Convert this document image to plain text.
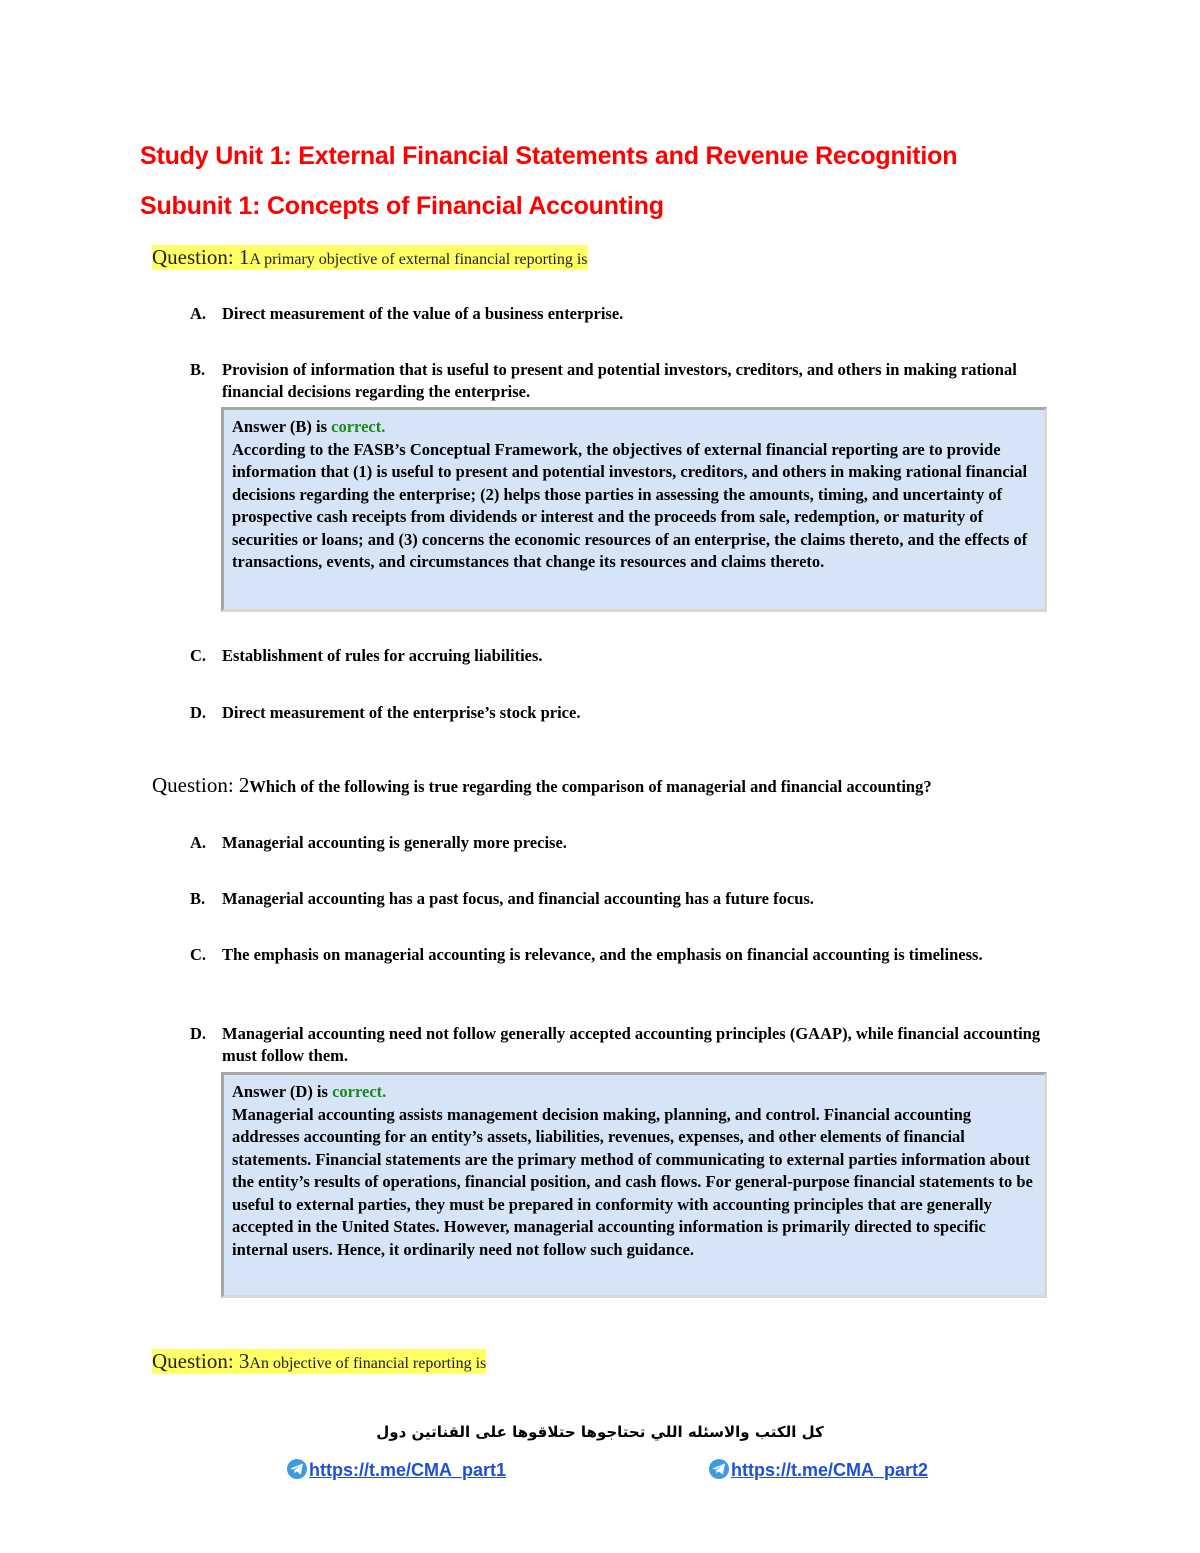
Study Unit 1: External Financial Statements and Revenue Recognition
Subunit 1: Concepts of Financial Accounting
Question: 1A primary objective of external financial reporting is
A. Direct measurement of the value of a business enterprise.
B.	Provision of information that is useful to present and potential investors, creditors, and others in making rational financial decisions regarding the enterprise.
Answer (B) is correct.
According to the FASB’s Conceptual Framework, the objectives of external financial reporting are to provide information that (1) is useful to present and potential investors, creditors, and others in making rational financial decisions regarding the enterprise; (2) helps those parties in assessing the amounts, timing, and uncertainty of prospective cash receipts from dividends or interest and the proceeds from sale, redemption, or maturity of securities or loans; and (3) concerns the economic resources of an enterprise, the claims thereto, and the effects of transactions, events, and circumstances that change its resources and claims thereto.
C. Establishment of rules for accruing liabilities.
D. Direct measurement of the enterprise’s stock price.
Question: 2Which of the following is true regarding the comparison of managerial and financial accounting?
A. Managerial accounting is generally more precise.
B.	Managerial accounting has a past focus, and financial accounting has a future focus.
C. The emphasis on managerial accounting is relevance, and the emphasis on financial accounting is timeliness.
D. Managerial accounting need not follow generally accepted accounting principles (GAAP), while financial accounting must follow them.
Answer (D) is correct.
Managerial accounting assists management decision making, planning, and control. Financial accounting addresses accounting for an entity’s assets, liabilities, revenues, expenses, and other elements of financial statements. Financial statements are the primary method of communicating to external parties information about the entity’s results of operations, financial position, and cash flows. For general-purpose financial statements to be useful to external parties, they must be prepared in conformity with accounting principles that are generally accepted in the United States. However, managerial accounting information is primarily directed to specific internal users. Hence, it ordinarily need not follow such guidance.
Question: 3An objective of financial reporting is
كل الكتب والاسئله اللي تحتاجوها حتلاقوها على القناتين دول
https://t.me/CMA_part1	https://t.me/CMA_part2
